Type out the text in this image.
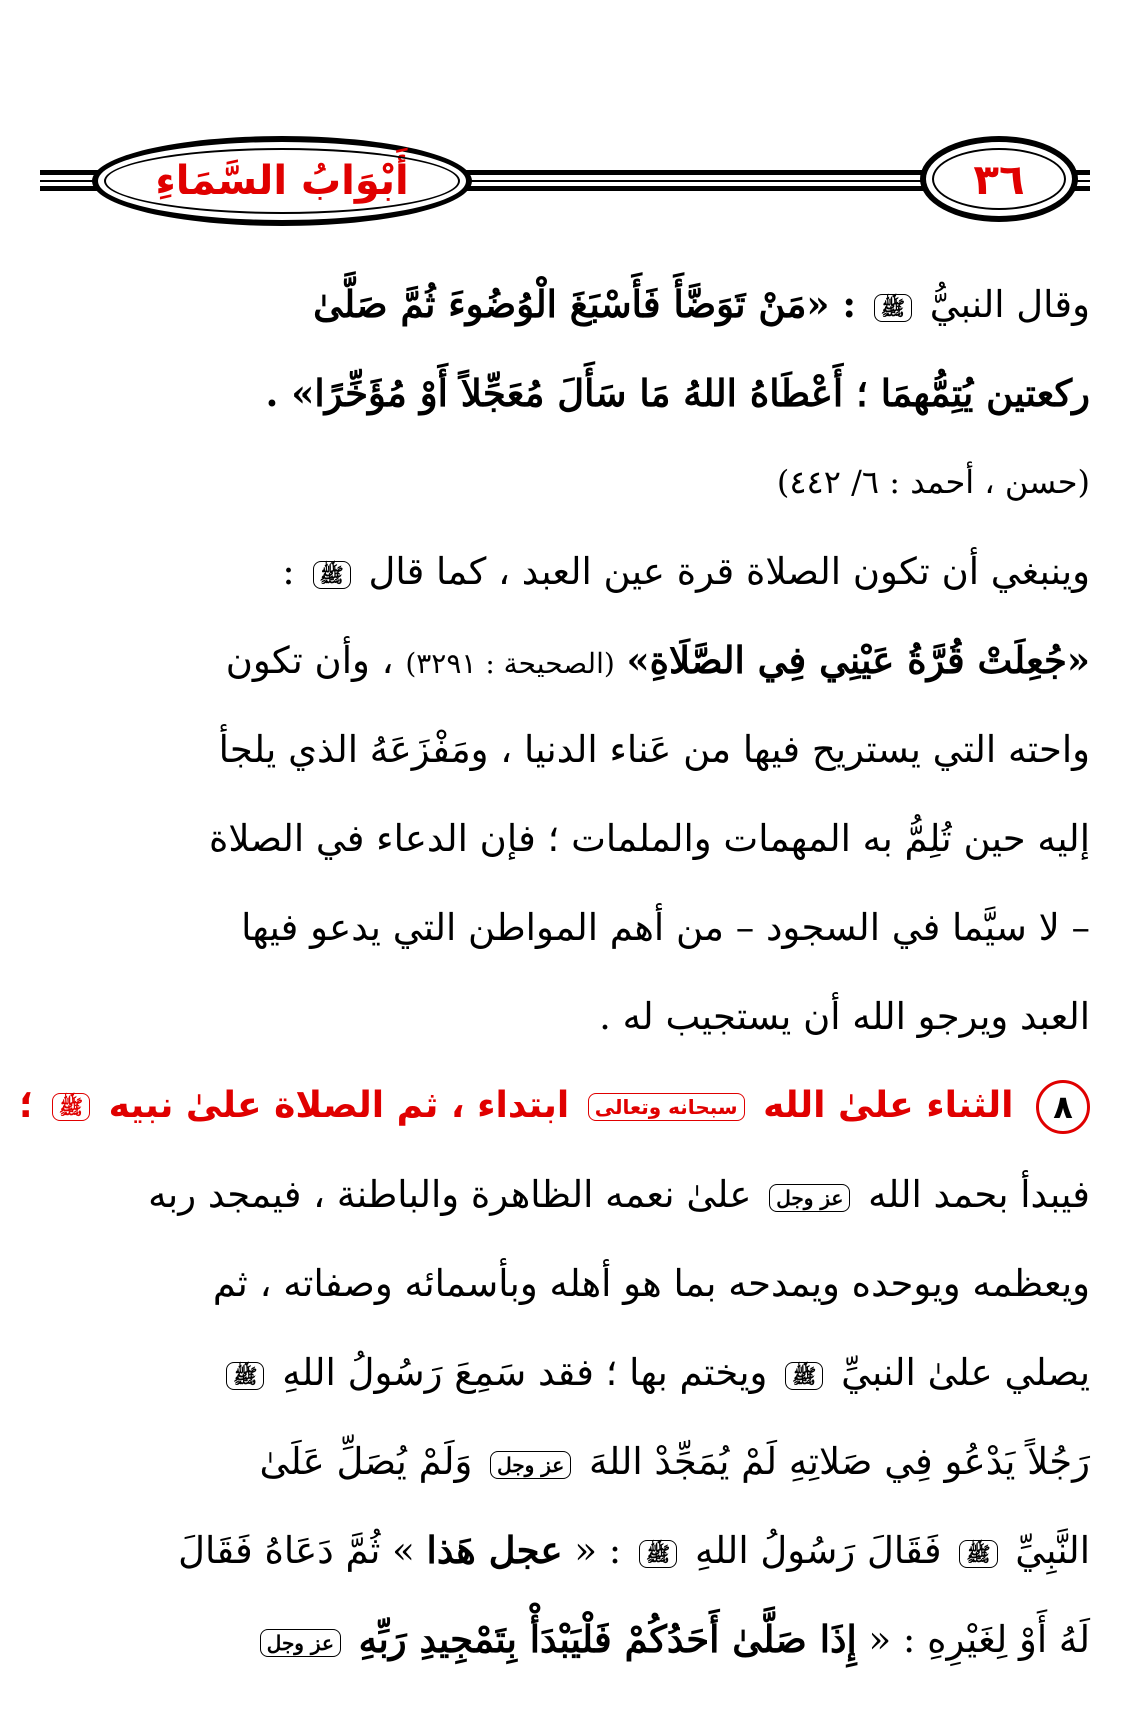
أَبْوَابُ السَّمَاءِ	٣٦
وقال النبيُّ ﷺ : «مَنْ تَوَضَّأَ فَأَسْبَغَ الْوُضُوءَ ثُمَّ صَلَّىٰ
ركعتين يُتِمُّهمَا ؛ أَعْطَاهُ اللهُ مَا سَأَلَ مُعَجِّلاً أَوْ مُؤَخِّرًا» .
(حسن ، أحمد : ٦/ ٤٤٢)
وينبغي أن تكون الصلاة قرة عين العبد ، كما قال ﷺ :
«جُعِلَتْ قُرَّةُ عَيْنِي فِي الصَّلَاةِ» (الصحيحة : ٣٢٩١) ، وأن تكون
واحته التي يستريح فيها من عَناء الدنيا ، ومَفْزَعَهُ الذي يلجأ
إليه حين تُلِمُّ به المهمات والملمات ؛ فإن الدعاء في الصلاة
– لا سيَّما في السجود – من أهم المواطن التي يدعو فيها
العبد ويرجو الله أن يستجيب له .
٨ الثناء علىٰ الله سبحانه وتعالى ابتداء ، ثم الصلاة علىٰ نبيه ﷺ ؛
فيبدأ بحمد الله عز وجل علىٰ نعمه الظاهرة والباطنة ، فيمجد ربه
ويعظمه ويوحده ويمدحه بما هو أهله وبأسمائه وصفاته ، ثم
يصلي علىٰ النبيِّ ﷺ ويختم بها ؛ فقد سَمِعَ رَسُولُ اللهِ ﷺ
رَجُلاً يَدْعُو فِي صَلاتِهِ لَمْ يُمَجِّدْ اللهَ عز وجل وَلَمْ يُصَلِّ عَلَىٰ
النَّبِيِّ ﷺ فَقَالَ رَسُولُ اللهِ ﷺ : « عجل هَذا » ثُمَّ دَعَاهُ فَقَالَ
لَهُ أَوْ لِغَيْرِهِ : « إِذَا صَلَّىٰ أَحَدُكُمْ فَلْيَبْدَأْ بِتَمْجِيدِ رَبِّهِ عز وجل
